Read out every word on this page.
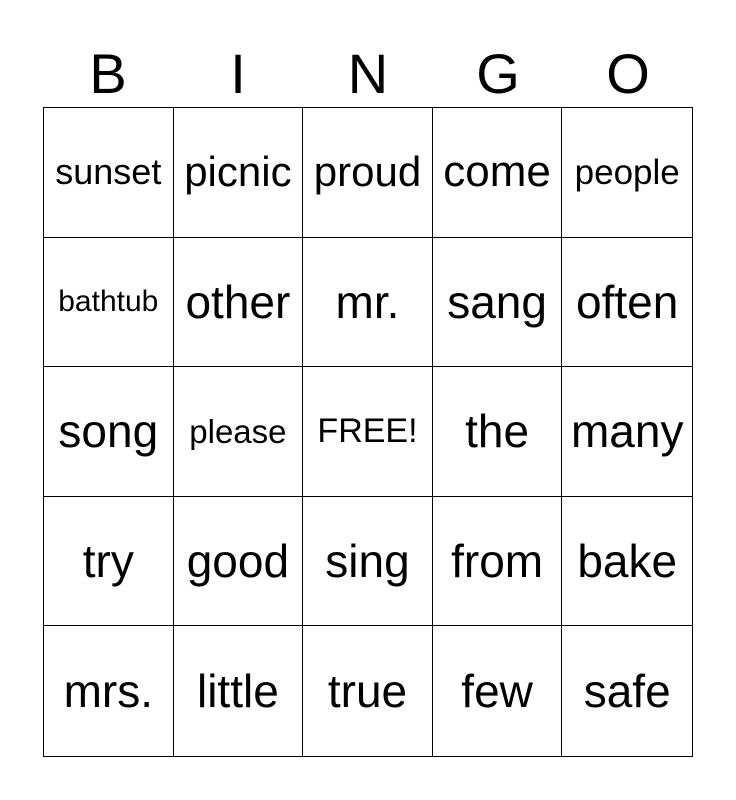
B	I	N	G	O
sunset picnic proud come people
bathtub other mr. sang often
song please FREE! the many
try good sing from bake
mrs. little true few safe
